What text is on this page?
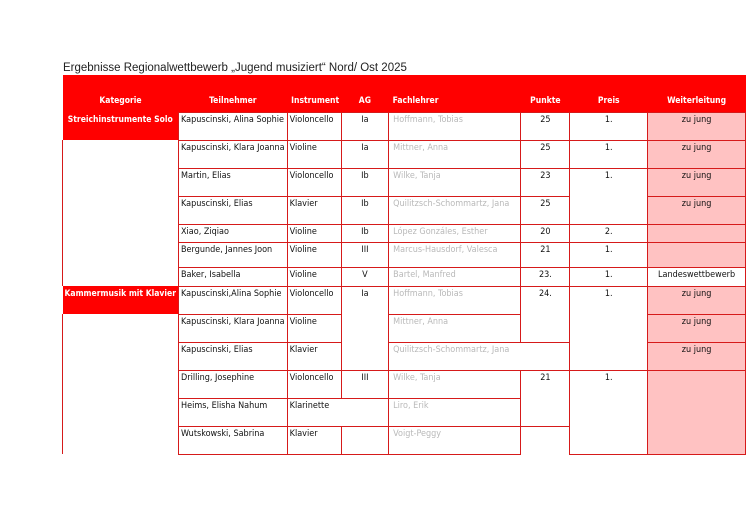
Ergebnisse Regionalwettbewerb „Jugend musiziert“ Nord/ Ost 2025
Kategorie	Teilnehmer	Instrument	AG	Fachlehrer	Punkte	Preis	Weiterleitung
Streichinstrumente Solo	Kapuscinski, Alina Sophie	Violoncello	Ia	Hoffmann, Tobias	25	1.	zu jung
	Kapuscinski, Klara Joanna	Violine	Ia	Mittner, Anna	25	1.	zu jung
	Martin, Elias	Violoncello	Ib	Wilke, Tanja	23	1.	zu jung
	Kapuscinski, Elias	Klavier	Ib	Quilitzsch-Schommartz, Jana	25		zu jung
	Xiao, Ziqiao	Violine	Ib	López Gonzáles, Esther	20	2.	
	Bergunde, Jannes Joon	Violine	III	Marcus-Hausdorf, Valesca	21	1.	
	Baker, Isabella	Violine	V	Bartel, Manfred	23.	1.	Landeswettbewerb
Kammermusik mit Klavier	Kapuscinski,Alina Sophie	Violoncello	Ia	Hoffmann, Tobias	24.	1.	zu jung
	Kapuscinski, Klara Joanna	Violine		Mittner, Anna			zu jung
	Kapuscinski, Elias	Klavier		Quilitzsch-Schommartz, Jana			zu jung
	Drilling, Josephine	Violoncello	III	Wilke, Tanja	21	1.	
	Heims, Elisha Nahum	Klarinette		Liro, Erik			
	Wutskowski, Sabrina	Klavier		Voigt-Peggy			
